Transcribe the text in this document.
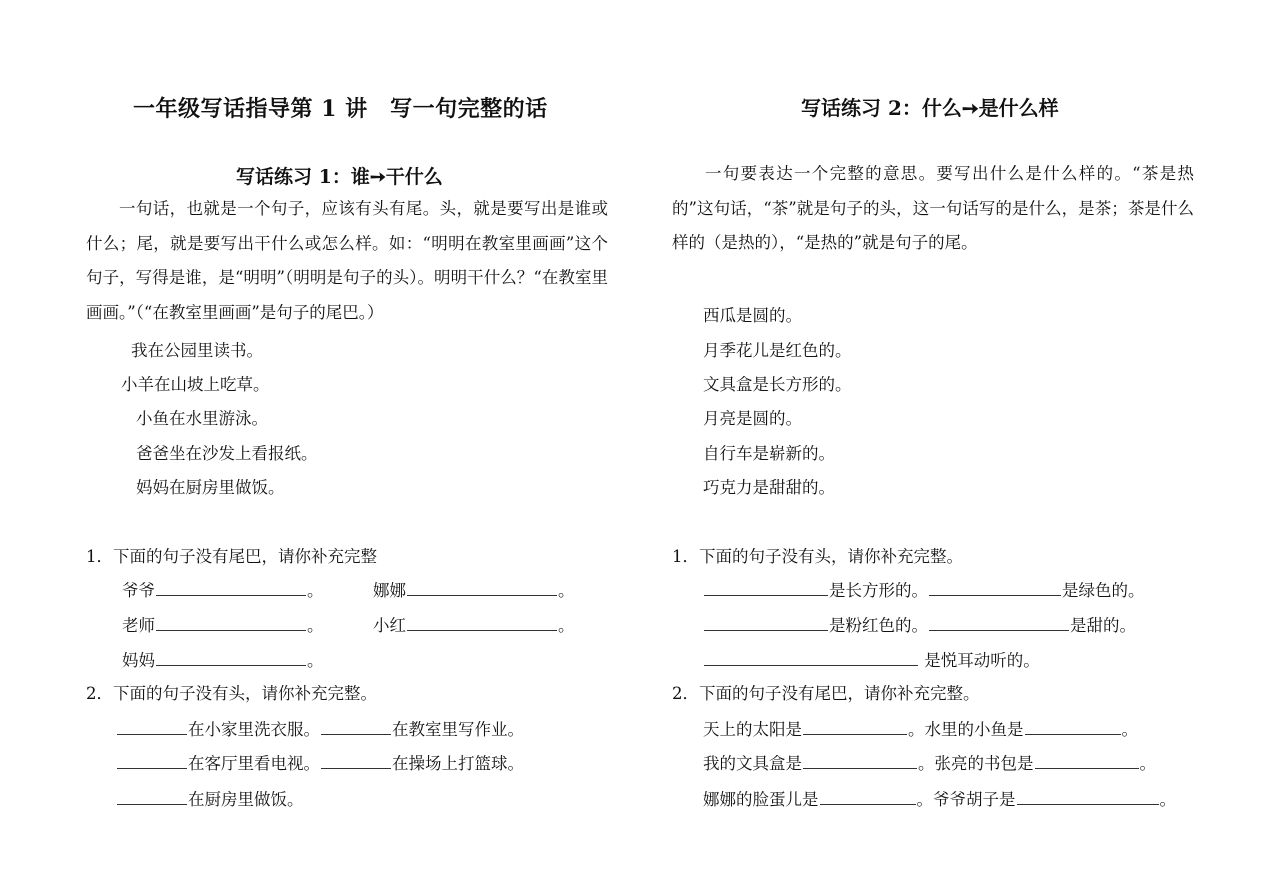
一年级写话指导第 1 讲　写一句完整的话
写话练习 1：谁➙干什么
一句话，也就是一个句子，应该有头有尾。头，就是要写出是谁或什么；尾，就是要写出干什么或怎么样。如：“明明在教室里画画”这个句子，写得是谁，是“明明”（明明是句子的头）。明明干什么？“在教室里画画。”（“在教室里画画”是句子的尾巴。）
我在公园里读书。
小羊在山坡上吃草。
小鱼在水里游泳。
爸爸坐在沙发上看报纸。
妈妈在厨房里做饭。
1．下面的句子没有尾巴，请你补充完整
爷爷	。	娜娜	。
老师	。	小红	。
妈妈	。
2．下面的句子没有头，请你补充完整。
在小家里洗衣服。	在教室里写作业。
在客厅里看电视。	在操场上打篮球。
在厨房里做饭。
写话练习 2：什么➙是什么样
一句要表达一个完整的意思。要写出什么是什么样的。“茶是热的”这句话，“茶”就是句子的头，这一句话写的是什么，是茶；茶是什么样的（是热的），“是热的”就是句子的尾。
西瓜是圆的。
月季花儿是红色的。
文具盒是长方形的。
月亮是圆的。
自行车是崭新的。
巧克力是甜甜的。
1．下面的句子没有头，请你补充完整。
是长方形的。	是绿色的。
是粉红色的。	是甜的。
是悦耳动听的。
2．下面的句子没有尾巴，请你补充完整。
天上的太阳是	。水里的小鱼是	。
我的文具盒是	。张亮的书包是	。
娜娜的脸蛋儿是	。爷爷胡子是	。
